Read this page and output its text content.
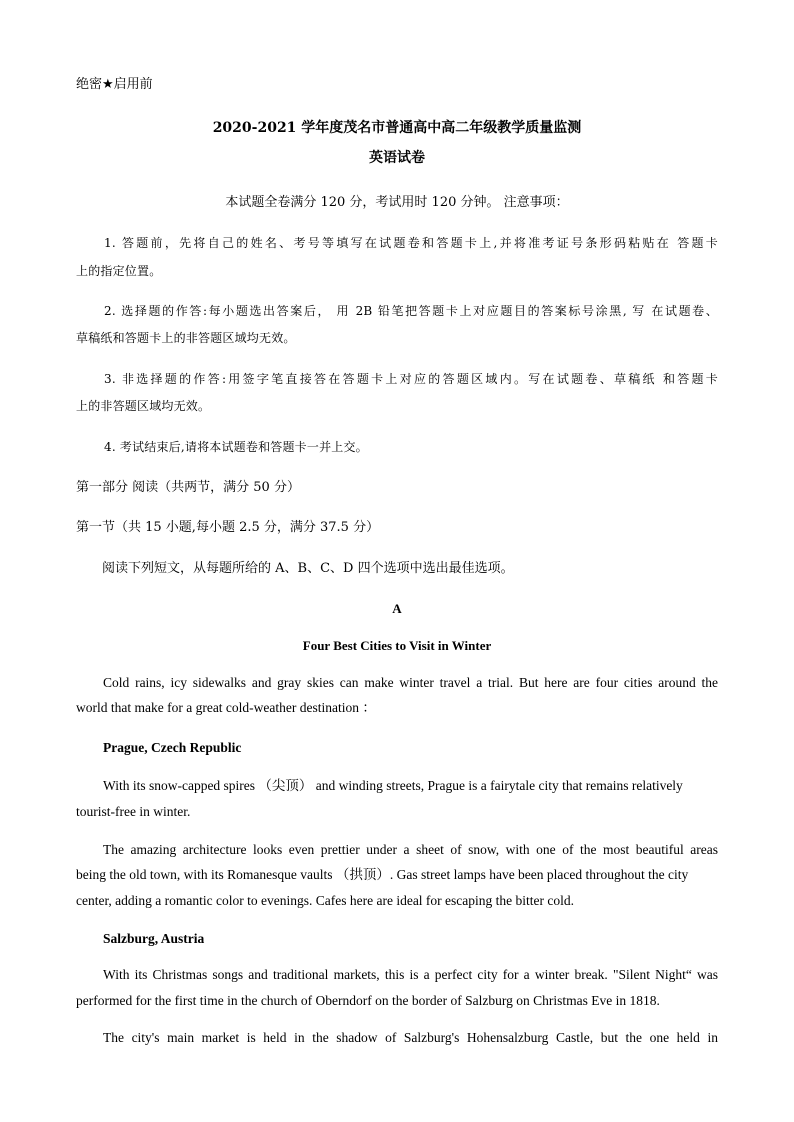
绝密★启用前
2020-2021 学年度茂名市普通高中高二年级教学质量监测
英语试卷
本试题全卷满分 120 分，考试用时 120 分钟。 注意事项：
1. 答题前，先将自己的姓名、考号等填写在试题卷和答题卡上,并将准考证号条形码粘贴在 答题卡
上的指定位置。
2. 选择题的作答:每小题选出答案后， 用 2B 铅笔把答题卡上对应题目的答案标号涂黑, 写 在试题卷、
草稿纸和答题卡上的非答题区域均无效。
3. 非选择题的作答:用签字笔直接答在答题卡上对应的答题区域内。写在试题卷、草稿纸 和答题卡
上的非答题区域均无效。
4. 考试结束后,请将本试题卷和答题卡一并上交。
第一部分 阅读（共两节，满分 50 分）
第一节（共 15 小题,每小题 2.5 分，满分 37.5 分）
阅读下列短文，从每题所给的 A、B、C、D 四个选项中选出最佳选项。
A
Four Best Cities to Visit in Winter
Cold rains, icy sidewalks and gray skies can make winter travel a trial. But here are four cities around the
world that make for a great cold-weather destination ：
Prague, Czech Republic
With its snow-capped spires （尖顶） and winding streets, Prague is a fairytale city that remains relatively
tourist-free in winter.
The amazing architecture looks even prettier under a sheet of snow, with one of the most beautiful areas
being the old town, with its Romanesque vaults （拱顶）. Gas street lamps have been placed throughout the city
center, adding a romantic color to evenings. Cafes here are ideal for escaping the bitter cold.
Salzburg, Austria
With its Christmas songs and traditional markets, this is a perfect city for a winter break. "Silent Night“ was
performed for the first time in the church of Oberndorf on the border of Salzburg on Christmas Eve in 1818.
The city's main market is held in the shadow of Salzburg's Hohensalzburg Castle, but the one held in
